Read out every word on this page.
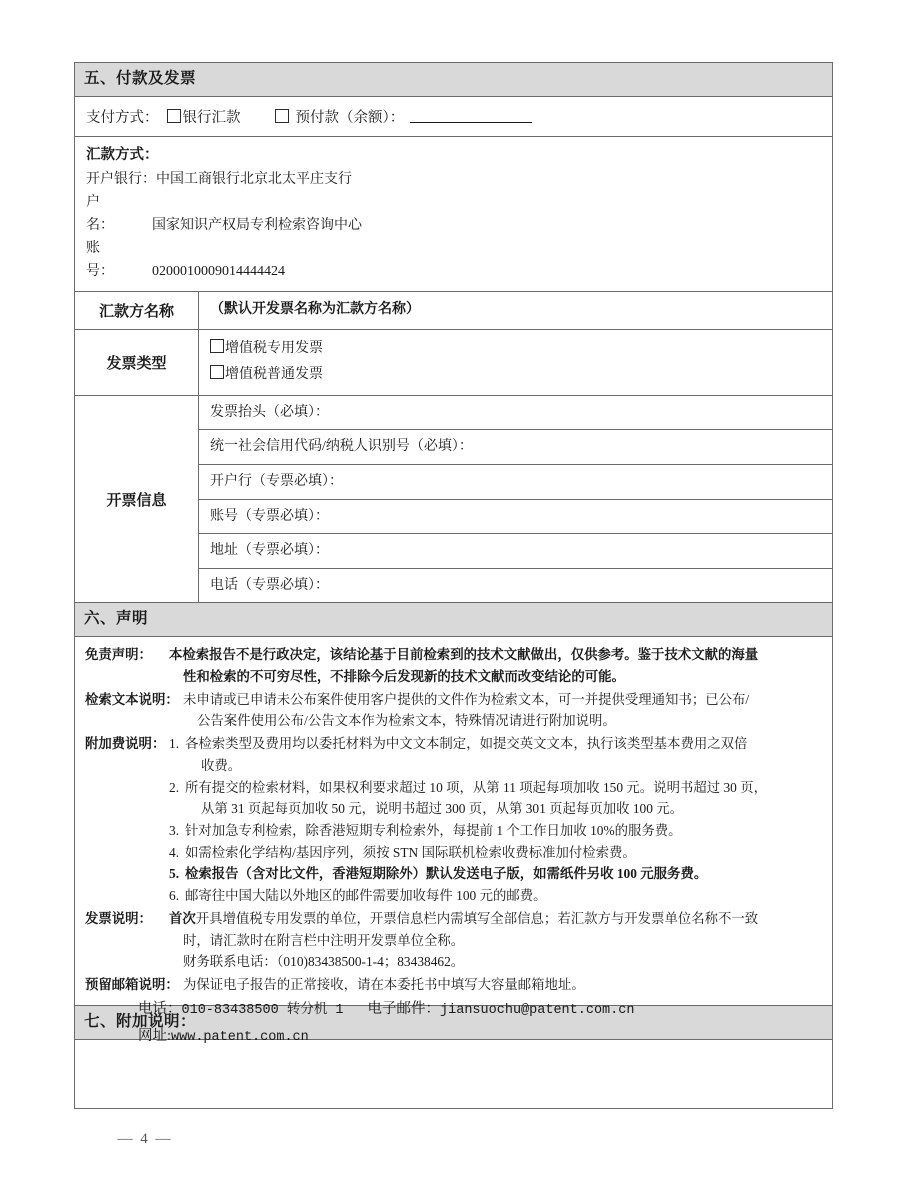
五、付款及发票

支付方式： 银行汇款	预付款（余额）：

汇款方式：
开户银行：中国工商银行北京北太平庄支行
户名：	国家知识产权局专利检索咨询中心
账号：	0200010009014444424

汇款方名称	（默认开发票名称为汇款方名称）
发票类型	
增值税专用发票
增值税普通发票

开票信息	
发票抬头（必填）：
统一社会信用代码/纳税人识别号（必填）：
开户行（专票必填）：
账号（专票必填）：
地址（专票必填）：
电话（专票必填）：

六、声明

免责声明：	本检索报告不是行政决定，该结论基于目前检索到的技术文献做出，仅供参考。鉴于技术文献的海量

性和检索的不可穷尽性，不排除今后发现新的技术文献而改变结论的可能。

检索文本说明： 未申请或已申请未公布案件使用客户提供的文件作为检索文本，可一并提供受理通知书；已公布/

公告案件使用公布/公告文本作为检索文本，特殊情况请进行附加说明。

附加费说明： 1. 各检索类型及费用均以委托材料为中文文本制定，如提交英文文本，执行该类型基本费用之双倍
收费。
2. 所有提交的检索材料，如果权利要求超过 10 项，从第 11 项起每项加收 150 元。说明书超过 30 页，
从第 31 页起每页加收 50 元，说明书超过 300 页，从第 301 页起每页加收 100 元。
3. 针对加急专利检索，除香港短期专利检索外，每提前 1 个工作日加收 10%的服务费。
4. 如需检索化学结构/基因序列，须按 STN 国际联机检索收费标准加付检索费。
5. 检索报告（含对比文件，香港短期除外）默认发送电子版，如需纸件另收 100 元服务费。
6. 邮寄往中国大陆以外地区的邮件需要加收每件 100 元的邮费。
发票说明：	首次开具增值税专用发票的单位，开票信息栏内需填写全部信息；若汇款方与开发票单位名称不一致

时，请汇款时在附言栏中注明开发票单位全称。

财务联系电话：（010)83438500-1-4；83438462。

预留邮箱说明： 为保证电子报告的正常接收，请在本委托书中填写大容量邮箱地址。

七、附加说明：

电话：010-83438500 转分机 1 电子邮件：jiansuochu@patent.com.cn
网址:www.patent.com.cn
— 4 —
